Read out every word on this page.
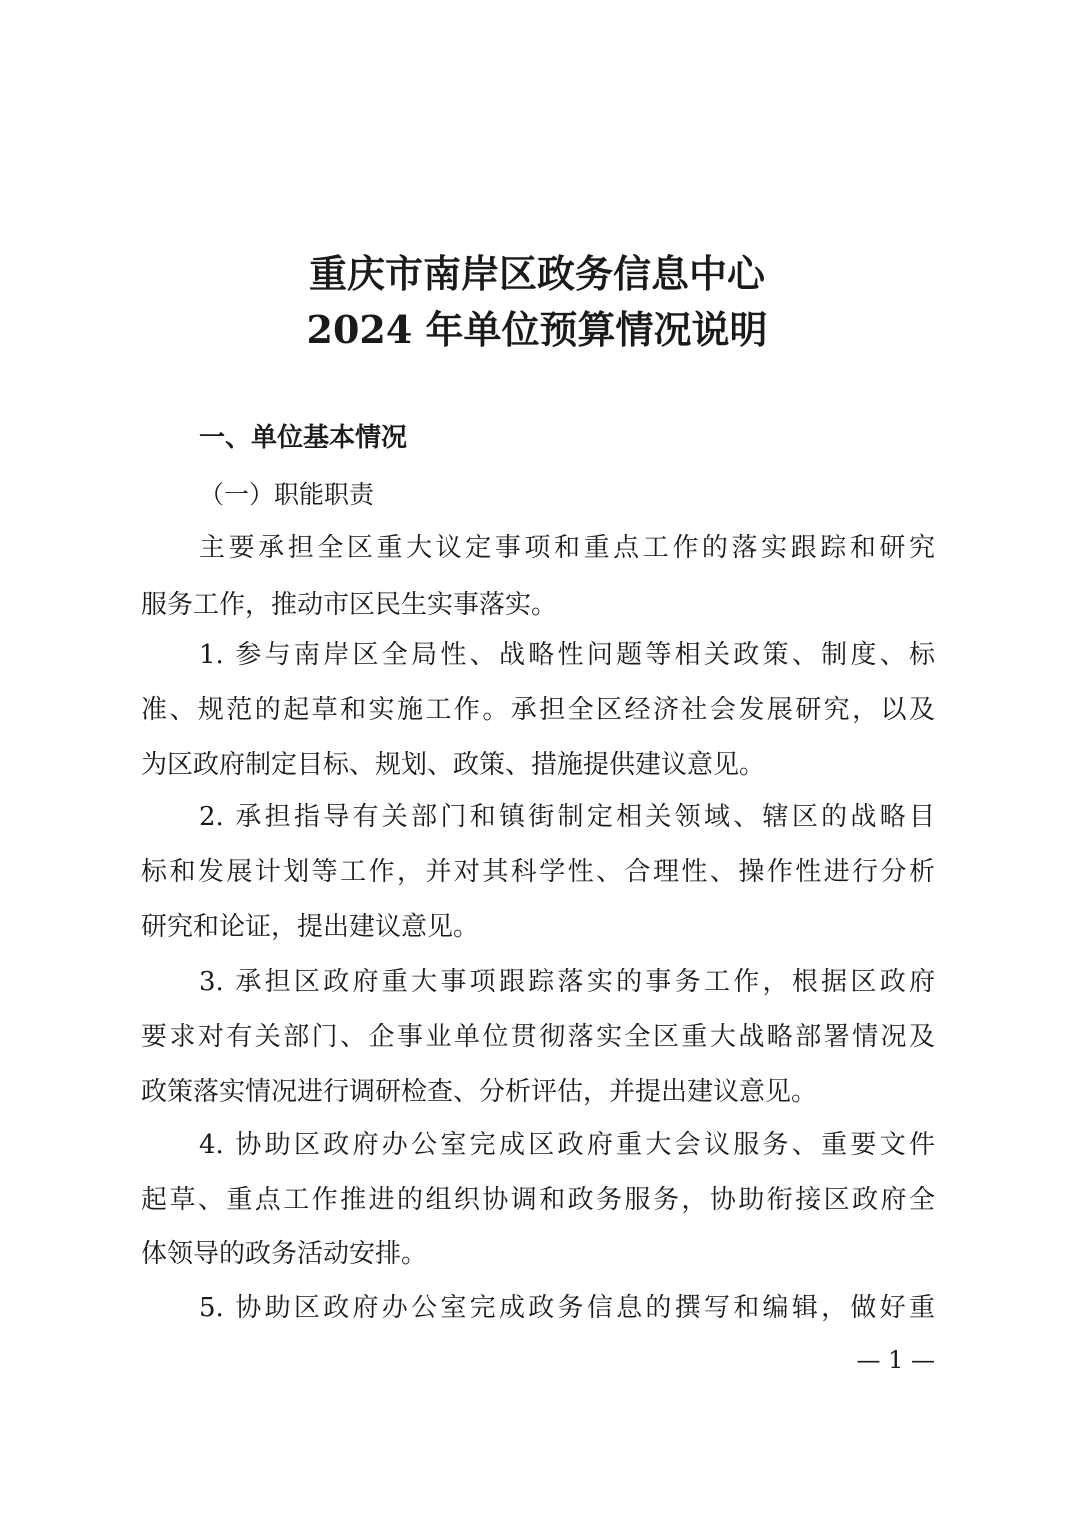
重庆市南岸区政务信息中心
2024 年单位预算情况说明
一、单位基本情况
（一）职能职责
主要承担全区重大议定事项和重点工作的落实跟踪和研究
服务工作，推动市区民生实事落实。
1. 参与南岸区全局性、战略性问题等相关政策、制度、标
准、规范的起草和实施工作。承担全区经济社会发展研究，以及
为区政府制定目标、规划、政策、措施提供建议意见。
2. 承担指导有关部门和镇街制定相关领域、辖区的战略目
标和发展计划等工作，并对其科学性、合理性、操作性进行分析
研究和论证，提出建议意见。
3. 承担区政府重大事项跟踪落实的事务工作，根据区政府
要求对有关部门、企事业单位贯彻落实全区重大战略部署情况及
政策落实情况进行调研检查、分析评估，并提出建议意见。
4. 协助区政府办公室完成区政府重大会议服务、重要文件
起草、重点工作推进的组织协调和政务服务，协助衔接区政府全
体领导的政务活动安排。
5. 协助区政府办公室完成政务信息的撰写和编辑，做好重
— 1 —
